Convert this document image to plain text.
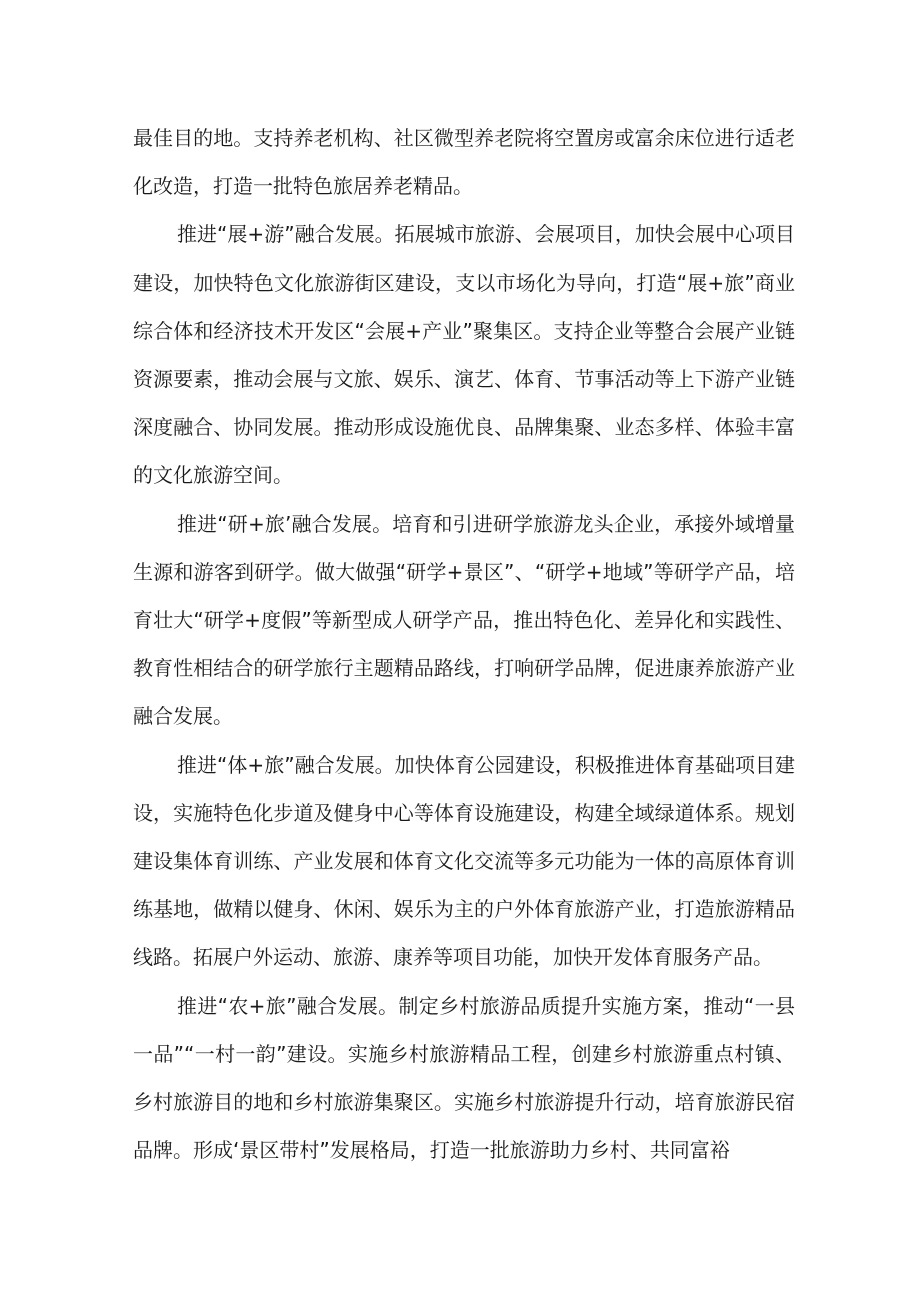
最佳目的地。支持养老机构、社区微型养老院将空置房或富余床位进行适老化改造，打造一批特色旅居养老精品。

推进“展+游”融合发展。拓展城市旅游、会展项目，加快会展中心项目建设，加快特色文化旅游街区建设，支以市场化为导向，打造“展+旅”商业综合体和经济技术开发区“会展+产业”聚集区。支持企业等整合会展产业链资源要素，推动会展与文旅、娱乐、演艺、体育、节事活动等上下游产业链深度融合、协同发展。推动形成设施优良、品牌集聚、业态多样、体验丰富的文化旅游空间。

推进“研+旅’融合发展。培育和引进研学旅游龙头企业，承接外域增量生源和游客到研学。做大做强“研学+景区”、“研学+地域”等研学产品，培育壮大“研学+度假”等新型成人研学产品，推出特色化、差异化和实践性、教育性相结合的研学旅行主题精品路线，打响研学品牌，促进康养旅游产业融合发展。

推进“体+旅”融合发展。加快体育公园建设，积极推进体育基础项目建设，实施特色化步道及健身中心等体育设施建设，构建全域绿道体系。规划建设集体育训练、产业发展和体育文化交流等多元功能为一体的高原体育训练基地，做精以健身、休闲、娱乐为主的户外体育旅游产业，打造旅游精品线路。拓展户外运动、旅游、康养等项目功能，加快开发体育服务产品。

推进“农+旅”融合发展。制定乡村旅游品质提升实施方案，推动“一县一品”“一村一韵”建设。实施乡村旅游精品工程，创建乡村旅游重点村镇、乡村旅游目的地和乡村旅游集聚区。实施乡村旅游提升行动，培育旅游民宿品牌。形成‘景区带村”发展格局，打造一批旅游助力乡村、共同富裕
